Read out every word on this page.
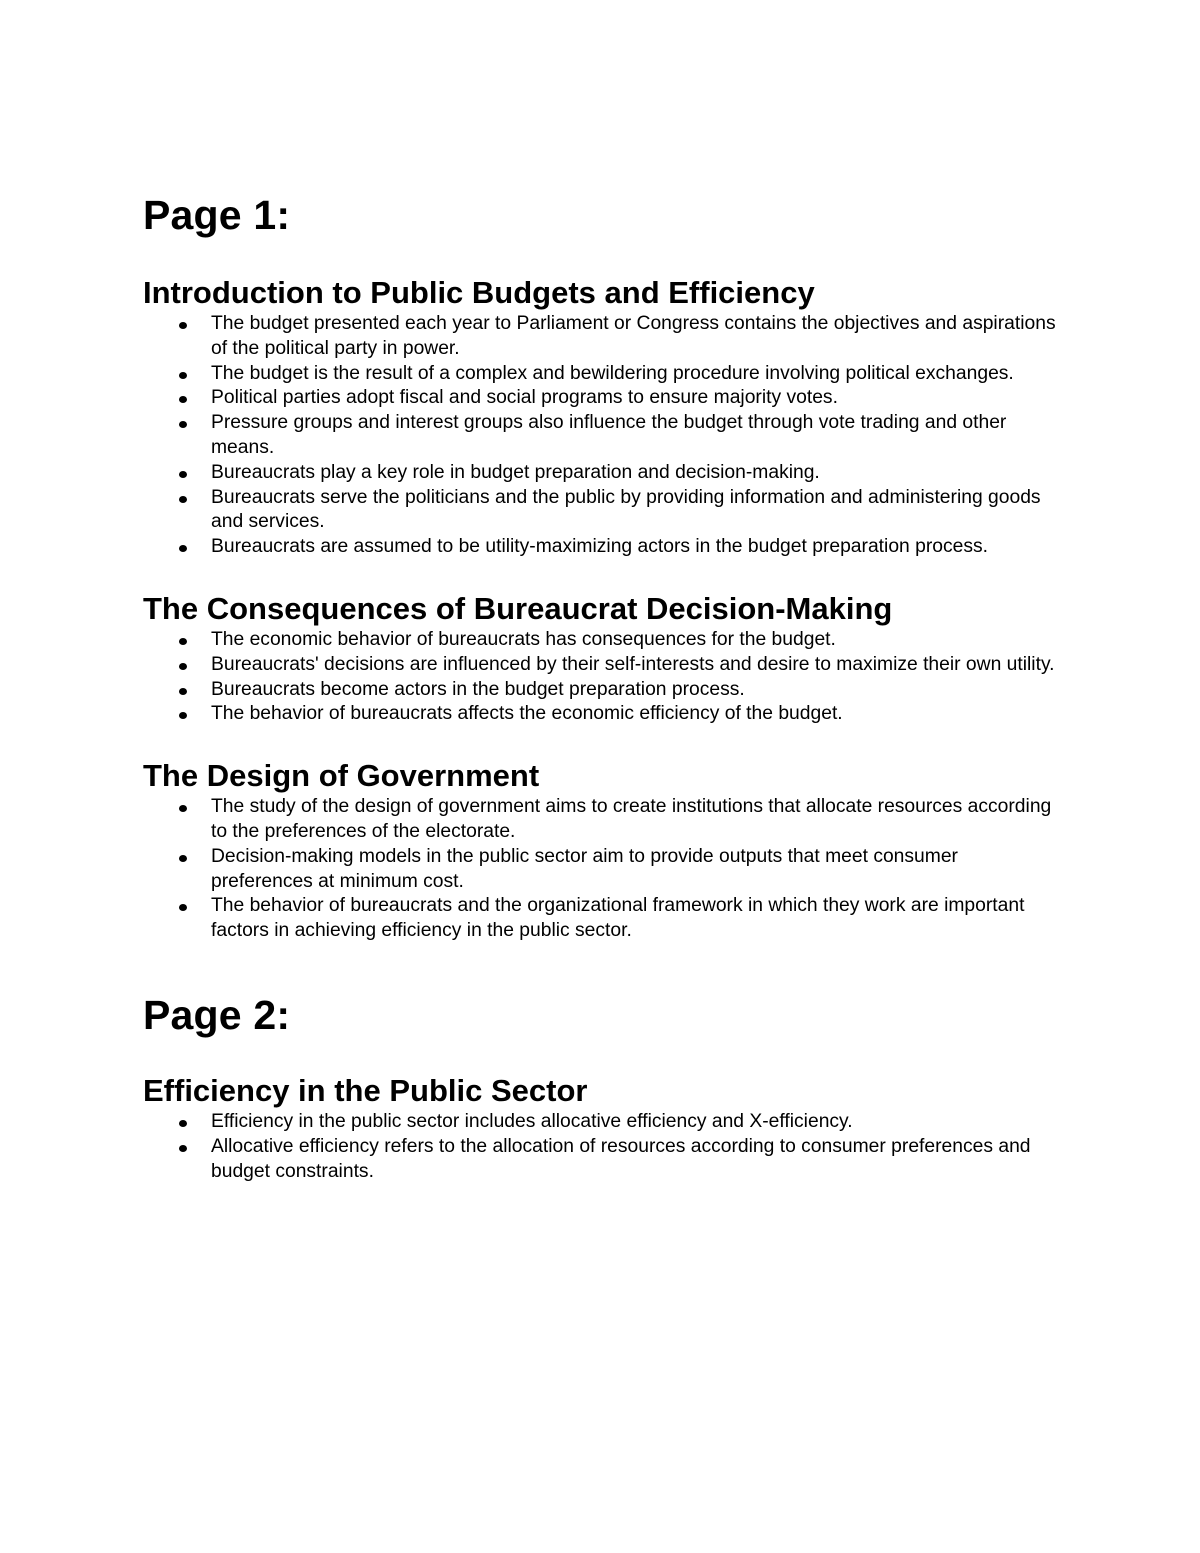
Page 1:
Introduction to Public Budgets and Efficiency
The budget presented each year to Parliament or Congress contains the objectives and aspirations of the political party in power.
The budget is the result of a complex and bewildering procedure involving political exchanges.
Political parties adopt fiscal and social programs to ensure majority votes.
Pressure groups and interest groups also influence the budget through vote trading and other means.
Bureaucrats play a key role in budget preparation and decision-making.
Bureaucrats serve the politicians and the public by providing information and administering goods and services.
Bureaucrats are assumed to be utility-maximizing actors in the budget preparation process.
The Consequences of Bureaucrat Decision-Making
The economic behavior of bureaucrats has consequences for the budget.
Bureaucrats' decisions are influenced by their self-interests and desire to maximize their own utility.
Bureaucrats become actors in the budget preparation process.
The behavior of bureaucrats affects the economic efficiency of the budget.
The Design of Government
The study of the design of government aims to create institutions that allocate resources according to the preferences of the electorate.
Decision-making models in the public sector aim to provide outputs that meet consumer preferences at minimum cost.
The behavior of bureaucrats and the organizational framework in which they work are important factors in achieving efficiency in the public sector.
Page 2:
Efficiency in the Public Sector
Efficiency in the public sector includes allocative efficiency and X-efficiency.
Allocative efficiency refers to the allocation of resources according to consumer preferences and budget constraints.
